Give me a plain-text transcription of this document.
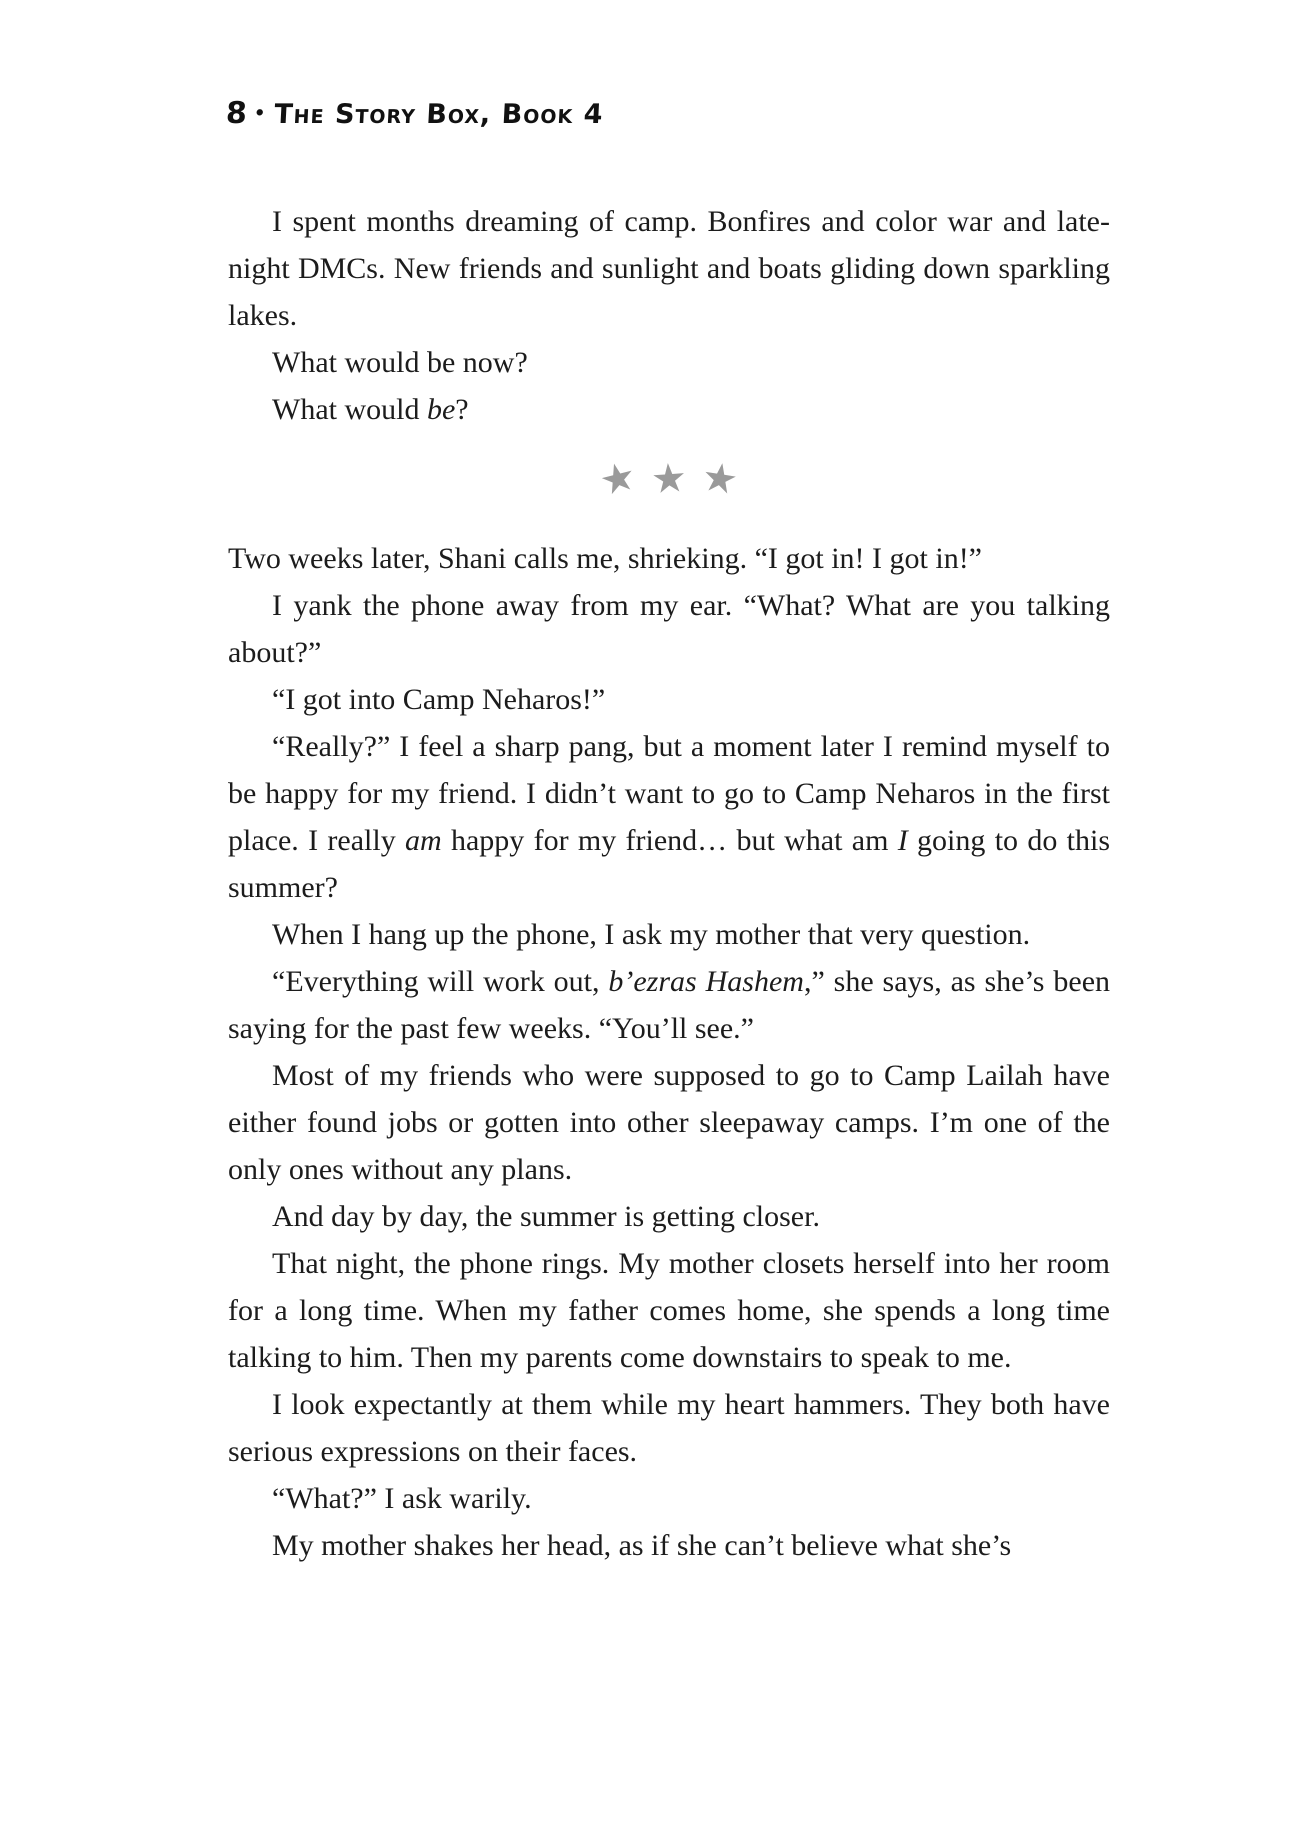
8 • The Story Box, Book 4

I spent months dreaming of camp. Bonfires and color war and late-night DMCs. New friends and sunlight and boats gliding down sparkling lakes.

What would be now?

What would be?

★ ★ ★

Two weeks later, Shani calls me, shrieking. “I got in! I got in!”

I yank the phone away from my ear. “What? What are you talking about?”

“I got into Camp Neharos!”

“Really?” I feel a sharp pang, but a moment later I remind myself to be happy for my friend. I didn’t want to go to Camp Neharos in the first place. I really am happy for my friend… but what am I going to do this summer?

When I hang up the phone, I ask my mother that very question.

“Everything will work out, b’ezras Hashem,” she says, as she’s been saying for the past few weeks. “You’ll see.”

Most of my friends who were supposed to go to Camp Lailah have either found jobs or gotten into other sleepaway camps. I’m one of the only ones without any plans.

And day by day, the summer is getting closer.

That night, the phone rings. My mother closets herself into her room for a long time. When my father comes home, she spends a long time talking to him. Then my parents come downstairs to speak to me.

I look expectantly at them while my heart hammers. They both have serious expressions on their faces.

“What?” I ask warily.

My mother shakes her head, as if she can’t believe what she’s
